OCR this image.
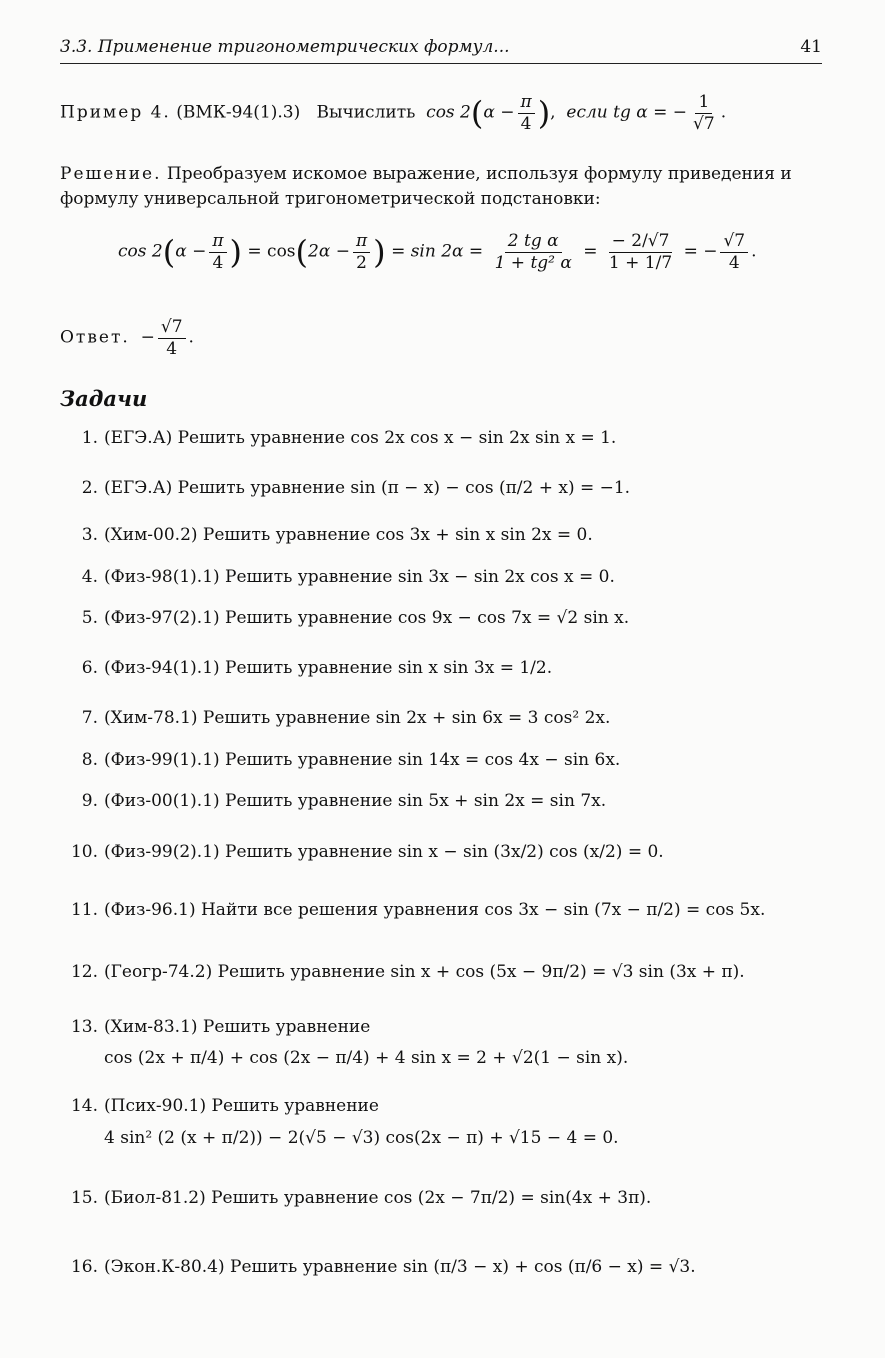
3.3. Применение тригонометрических формул...	41
Пример 4. (ВМК-94(1).3) Вычислить $\cos 2(\alpha - \frac{\pi}{4}$ ),  если tg α = − $\frac{1}{√7}$ .
Решение. Преобразуем искомое выражение, используя формулу приведения и
формулу универсальной тригонометрической подстановки:
$\cos 2(\alpha - \frac{\pi}{4}$ ) = $\cos(2\alpha - \frac{\pi}{2}$ ) = $\sin 2\alpha = \frac{\text{2 tg α}}{\text{1 + tg² α}} = \frac{- 2/√7}{1 + 1/7}$ = − $\frac{√7}{4}$ .
Ответ. − $\frac{√7}{4}$ .
Задачи
1. (ЕГЭ.А) Решить уравнение cos 2x cos x − sin 2x sin x = 1.
2. (ЕГЭ.А) Решить уравнение sin (π − x) − cos (π/2 + x) = −1.
3. (Хим-00.2) Решить уравнение cos 3x + sin x sin 2x = 0.
4. (Физ-98(1).1) Решить уравнение sin 3x − sin 2x cos x = 0.
5. (Физ-97(2).1) Решить уравнение cos 9x − cos 7x = √2 sin x.
6. (Физ-94(1).1) Решить уравнение sin x sin 3x = 1/2.
7. (Хим-78.1) Решить уравнение sin 2x + sin 6x = 3 cos² 2x.
8. (Физ-99(1).1) Решить уравнение sin 14x = cos 4x − sin 6x.
9. (Физ-00(1).1) Решить уравнение sin 5x + sin 2x = sin 7x.
10. (Физ-99(2).1) Решить уравнение sin x − sin (3x/2) cos (x/2) = 0.
11. (Физ-96.1) Найти все решения уравнения cos 3x − sin (7x − π/2) = cos 5x.
12. (Геогр-74.2) Решить уравнение sin x + cos (5x − 9π/2) = √3 sin (3x + π).
13. (Хим-83.1) Решить уравнение
cos (2x + π/4) + cos (2x − π/4) + 4 sin x = 2 + √2(1 − sin x).
14. (Псих-90.1) Решить уравнение
4 sin² (2 (x + π/2)) − 2(√5 − √3) cos(2x − π) + √15 − 4 = 0.
15. (Биол-81.2) Решить уравнение cos (2x − 7π/2) = sin(4x + 3π).
16. (Экон.К-80.4) Решить уравнение sin (π/3 − x) + cos (π/6 − x) = √3.
